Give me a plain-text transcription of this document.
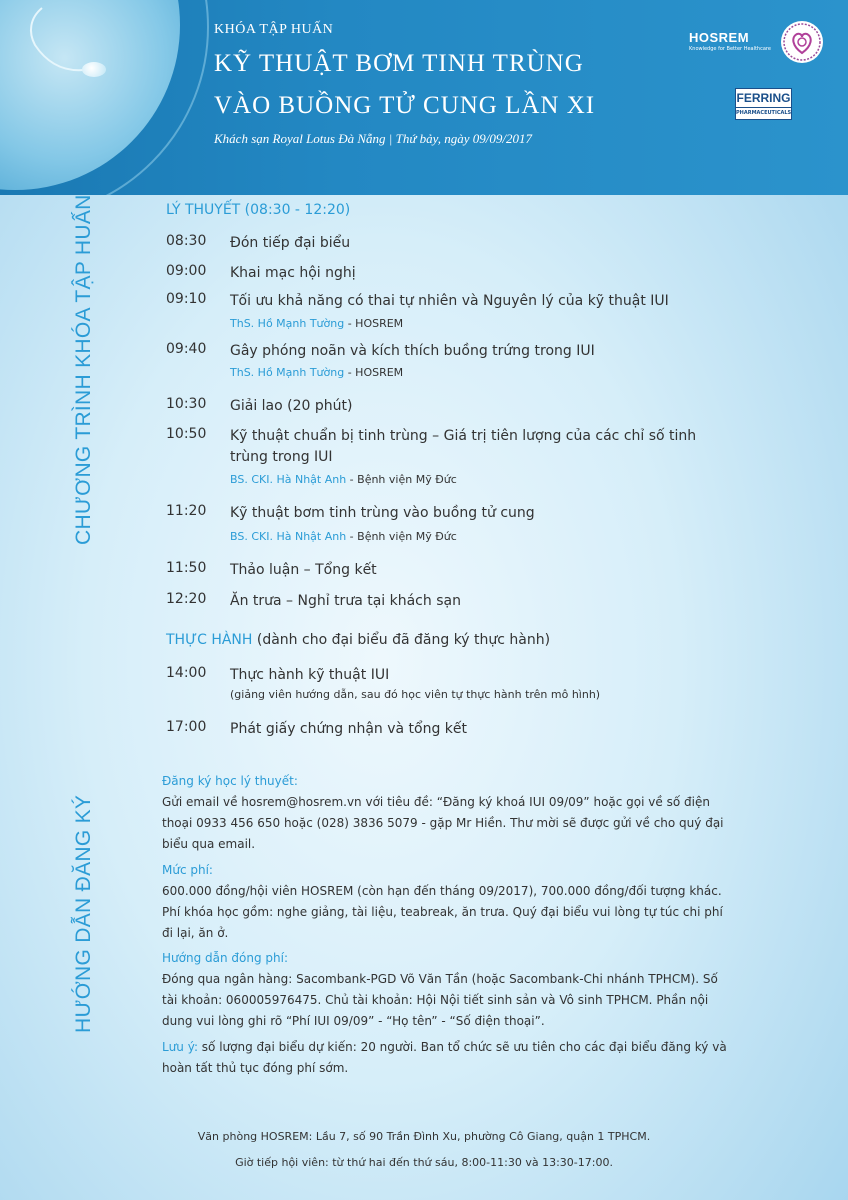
KHÓA TẬP HUẤN
KỸ THUẬT BƠM TINH TRÙNG
VÀO BUỒNG TỬ CUNG LẦN XI
Khách sạn Royal Lotus Đà Nẵng | Thứ bảy, ngày 09/09/2017
HOSREM
Knowledge for Better Healthcare
FERRING
PHARMACEUTICALS
CHƯƠNG TRÌNH KHÓA TẬP HUẤN
HƯỚNG DẪN ĐĂNG KÝ
LÝ THUYẾT (08:30 - 12:20)
08:30 Đón tiếp đại biểu
09:00 Khai mạc hội nghị
09:10 Tối ưu khả năng có thai tự nhiên và Nguyên lý của kỹ thuật IUI
ThS. Hồ Mạnh Tường - HOSREM
09:40 Gây phóng noãn và kích thích buồng trứng trong IUI
ThS. Hồ Mạnh Tường - HOSREM
10:30 Giải lao (20 phút)
10:50 Kỹ thuật chuẩn bị tinh trùng – Giá trị tiên lượng của các chỉ số tinh trùng trong IUI
BS. CKI. Hà Nhật Anh - Bệnh viện Mỹ Đức
11:20 Kỹ thuật bơm tinh trùng vào buồng tử cung
BS. CKI. Hà Nhật Anh - Bệnh viện Mỹ Đức
11:50 Thảo luận – Tổng kết
12:20 Ăn trưa – Nghỉ trưa tại khách sạn
THỰC HÀNH (dành cho đại biểu đã đăng ký thực hành)
14:00 Thực hành kỹ thuật IUI
(giảng viên hướng dẫn, sau đó học viên tự thực hành trên mô hình)
17:00 Phát giấy chứng nhận và tổng kết
Đăng ký học lý thuyết:
Gửi email về hosrem@hosrem.vn với tiêu đề: “Đăng ký khoá IUI 09/09” hoặc gọi về số điện thoại 0933 456 650 hoặc (028) 3836 5079 - gặp Mr Hiền. Thư mời sẽ được gửi về cho quý đại biểu qua email.
Mức phí:
600.000 đồng/hội viên HOSREM (còn hạn đến tháng 09/2017), 700.000 đồng/đối tượng khác. Phí khóa học gồm: nghe giảng, tài liệu, teabreak, ăn trưa. Quý đại biểu vui lòng tự túc chi phí đi lại, ăn ở.
Hướng dẫn đóng phí:
Đóng qua ngân hàng: Sacombank-PGD Võ Văn Tần (hoặc Sacombank-Chi nhánh TPHCM). Số tài khoản: 060005976475. Chủ tài khoản: Hội Nội tiết sinh sản và Vô sinh TPHCM. Phần nội dung vui lòng ghi rõ “Phí IUI 09/09” - “Họ tên” - “Số điện thoại”.
Lưu ý: số lượng đại biểu dự kiến: 20 người. Ban tổ chức sẽ ưu tiên cho các đại biểu đăng ký và hoàn tất thủ tục đóng phí sớm.
Văn phòng HOSREM: Lầu 7, số 90 Trần Đình Xu, phường Cô Giang, quận 1 TPHCM.
Giờ tiếp hội viên: từ thứ hai đến thứ sáu, 8:00-11:30 và 13:30-17:00.
